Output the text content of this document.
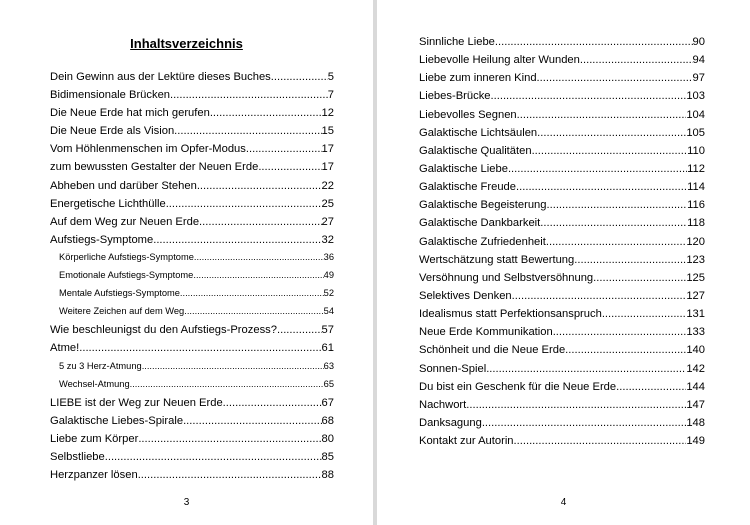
Inhaltsverzeichnis
Dein Gewinn aus der Lektüre dieses Buches .....	5
Bidimensionale Brücken .....	7
Die Neue Erde hat mich gerufen .....	12
Die Neue Erde als Vision .....	15
Vom Höhlenmenschen im Opfer-Modus .....	17
zum bewussten Gestalter der Neuen Erde .....	17
Abheben und darüber Stehen .....	22
Energetische Lichthülle .....	25
Auf dem Weg zur Neuen Erde .....	27
Aufstiegs-Symptome .....	32
Körperliche Aufstiegs-Symptome .....	36
Emotionale Aufstiegs-Symptome .....	49
Mentale Aufstiegs-Symptome .....	52
Weitere Zeichen auf dem Weg .....	54
Wie beschleunigst du den Aufstiegs-Prozess? .....	57
Atme! .....	61
5 zu 3 Herz-Atmung .....	63
Wechsel-Atmung .....	65
LIEBE ist der Weg zur Neuen Erde .....	67
Galaktische Liebes-Spirale .....	68
Liebe zum Körper .....	80
Selbstliebe .....	85
Herzpanzer lösen .....	88
3
Sinnliche Liebe .....	90
Liebevolle Heilung alter Wunden .....	94
Liebe zum inneren Kind .....	97
Liebes-Brücke .....	103
Liebevolles Segnen .....	104
Galaktische Lichtsäulen .....	105
Galaktische Qualitäten .....	110
Galaktische Liebe .....	112
Galaktische Freude .....	114
Galaktische Begeisterung .....	116
Galaktische Dankbarkeit .....	118
Galaktische Zufriedenheit .....	120
Wertschätzung statt Bewertung .....	123
Versöhnung und Selbstversöhnung .....	125
Selektives Denken .....	127
Idealismus statt Perfektionsanspruch .....	131
Neue Erde Kommunikation .....	133
Schönheit und die Neue Erde .....	140
Sonnen-Spiel .....	142
Du bist ein Geschenk für die Neue Erde .....	144
Nachwort .....	147
Danksagung .....	148
Kontakt zur Autorin .....	149
4
